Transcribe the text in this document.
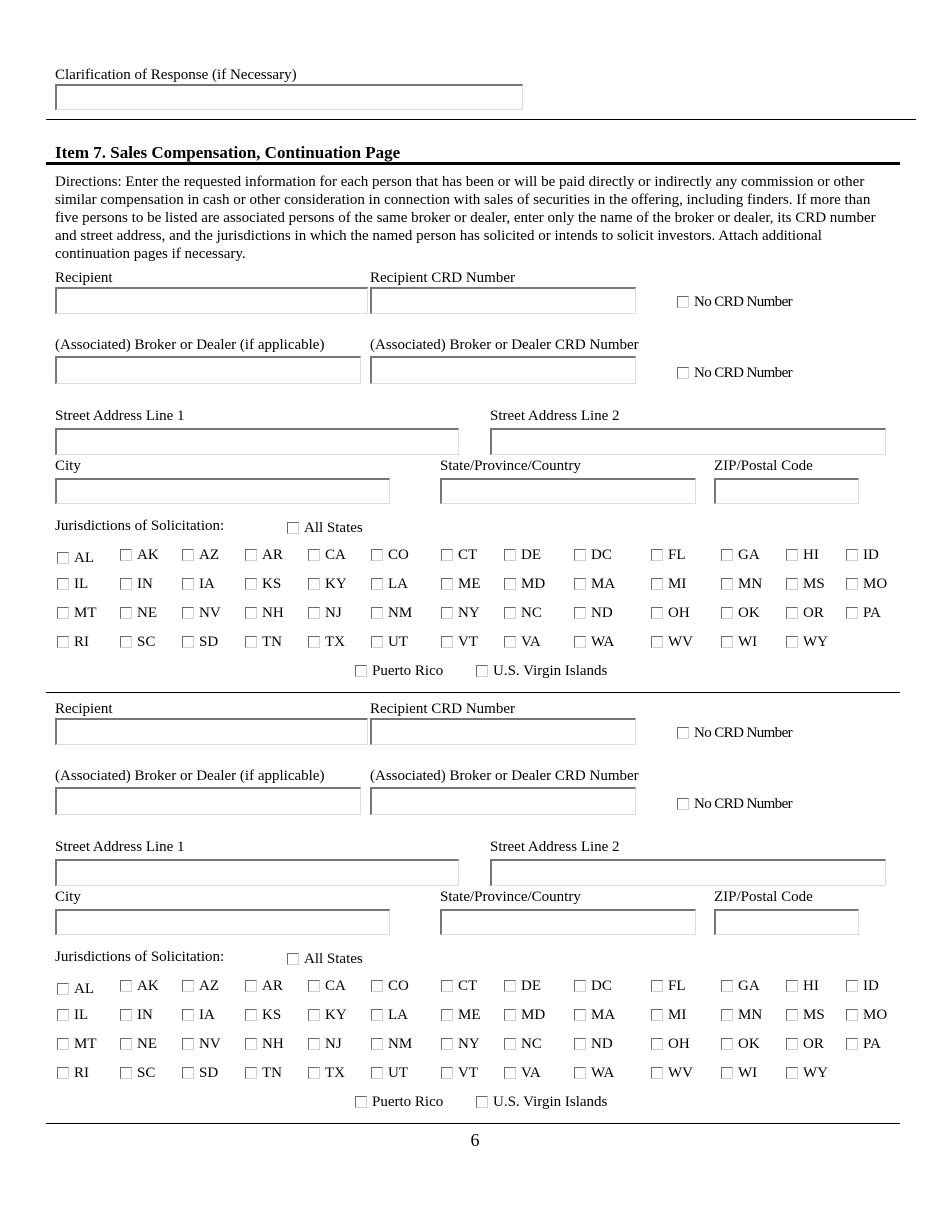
Clarification of Response (if Necessary)
Item 7. Sales Compensation, Continuation Page

Directions: Enter the requested information for each person that has been or will be paid directly or indirectly any commission or other similar compensation in cash or other consideration in connection with sales of securities in the offering, including finders. If more than five persons to be listed are associated persons of the same broker or dealer, enter only the name of the broker or dealer, its CRD number and street address, and the jurisdictions in which the named person has solicited or intends to solicit investors. Attach additional continuation pages if necessary.

Recipient	Recipient CRD Number
No CRD Number
(Associated) Broker or Dealer (if applicable)	(Associated) Broker or Dealer CRD Number
No CRD Number
Street Address Line 1	Street Address Line 2
City	State/Province/Country	ZIP/Postal Code
Jurisdictions of Solicitation:	All States
AL	AK	AZ	AR	CA	CO	CT	DE	DC	FL	GA	HI	ID
IL	IN	IA	KS	KY	LA	ME	MD	MA	MI	MN	MS	MO
MT	NE	NV	NH	NJ	NM	NY	NC	ND	OH	OK	OR	PA
RI	SC	SD	TN	TX	UT	VT	VA	WA	WV	WI	WY
Puerto Rico	U.S. Virgin Islands
Recipient	Recipient CRD Number
No CRD Number
(Associated) Broker or Dealer (if applicable)	(Associated) Broker or Dealer CRD Number
No CRD Number
Street Address Line 1	Street Address Line 2
City	State/Province/Country	ZIP/Postal Code
Jurisdictions of Solicitation:	All States
AL	AK	AZ	AR	CA	CO	CT	DE	DC	FL	GA	HI	ID
IL	IN	IA	KS	KY	LA	ME	MD	MA	MI	MN	MS	MO
MT	NE	NV	NH	NJ	NM	NY	NC	ND	OH	OK	OR	PA
RI	SC	SD	TN	TX	UT	VT	VA	WA	WV	WI	WY
Puerto Rico	U.S. Virgin Islands
6
